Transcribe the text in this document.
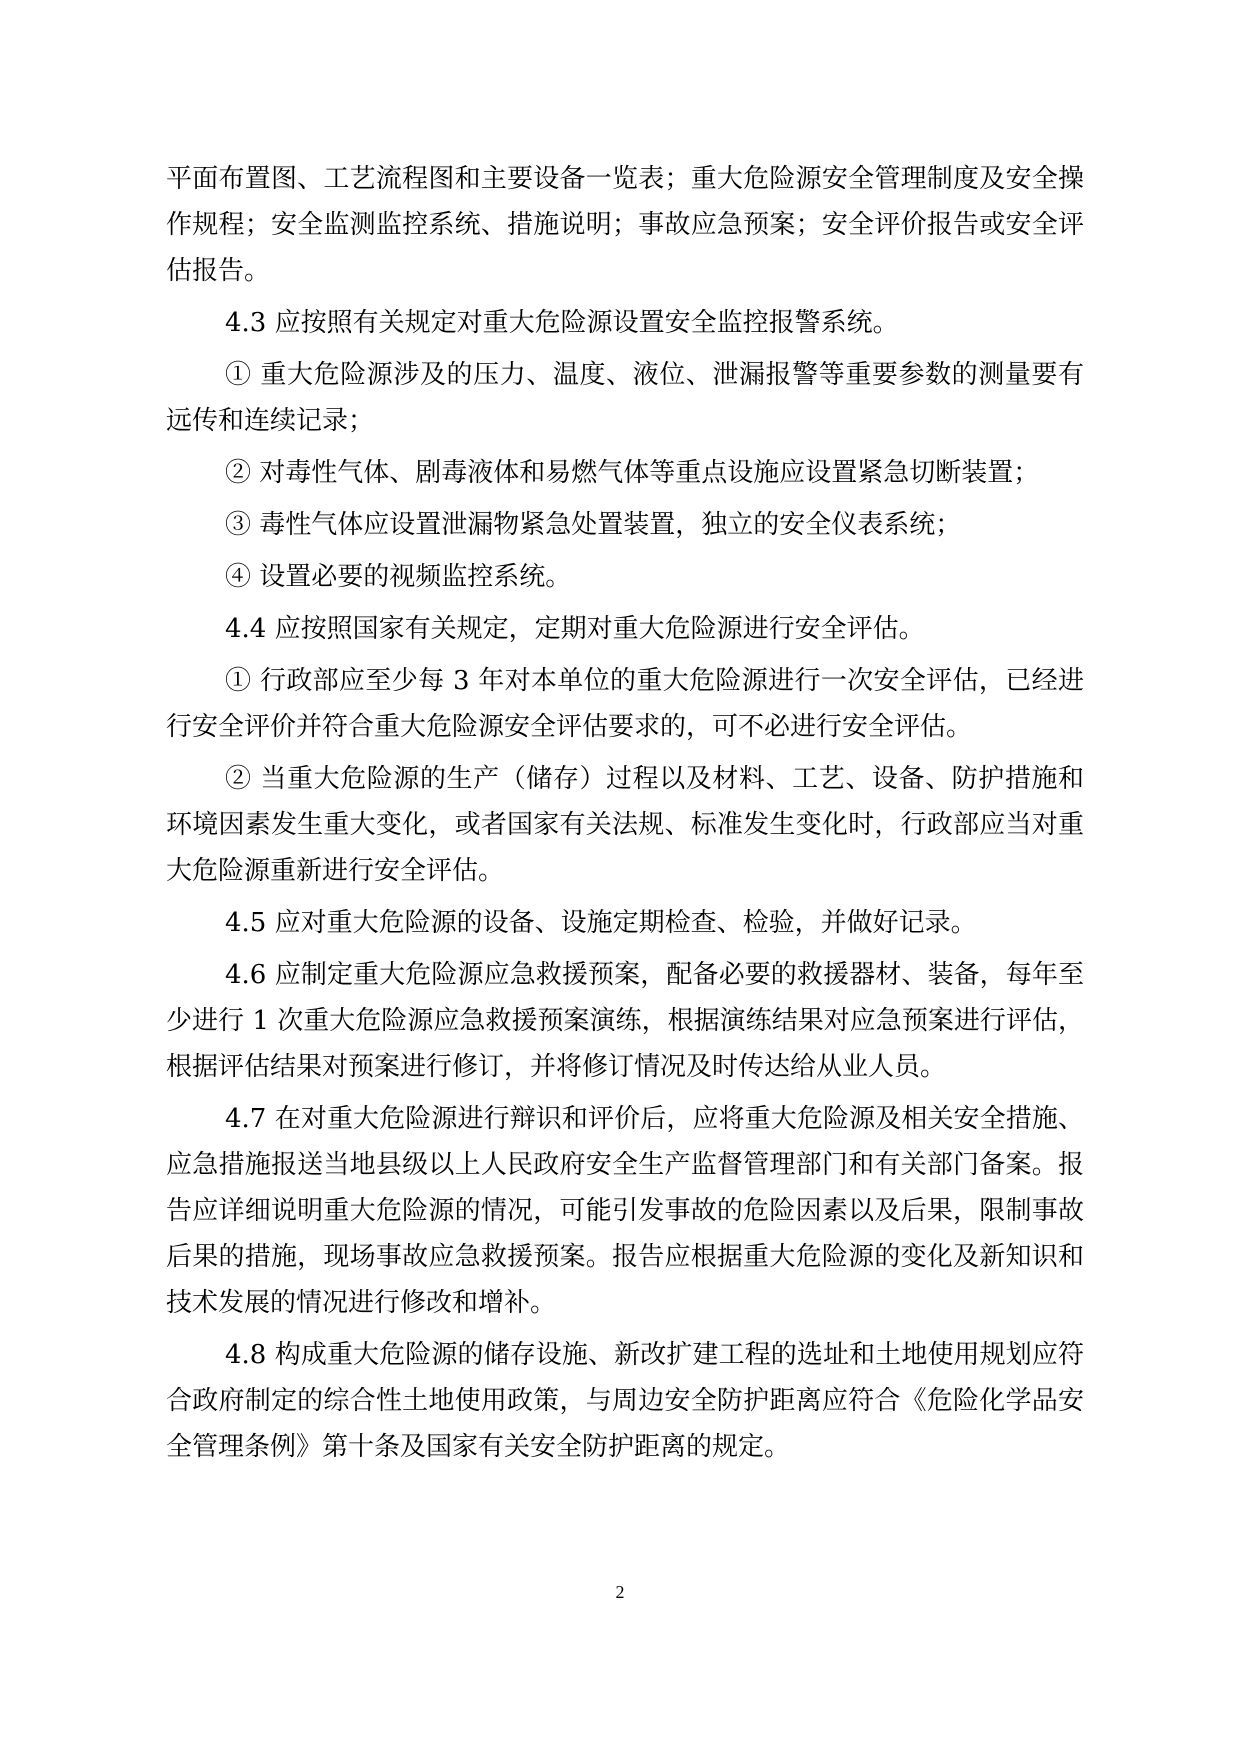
平面布置图、工艺流程图和主要设备一览表；重大危险源安全管理制度及安全操作规程；安全监测监控系统、措施说明；事故应急预案；安全评价报告或安全评估报告。

4.3 应按照有关规定对重大危险源设置安全监控报警系统。

① 重大危险源涉及的压力、温度、液位、泄漏报警等重要参数的测量要有远传和连续记录；

② 对毒性气体、剧毒液体和易燃气体等重点设施应设置紧急切断装置；

③ 毒性气体应设置泄漏物紧急处置装置，独立的安全仪表系统；

④ 设置必要的视频监控系统。

4.4 应按照国家有关规定，定期对重大危险源进行安全评估。

① 行政部应至少每 3 年对本单位的重大危险源进行一次安全评估，已经进行安全评价并符合重大危险源安全评估要求的，可不必进行安全评估。

② 当重大危险源的生产（储存）过程以及材料、工艺、设备、防护措施和环境因素发生重大变化，或者国家有关法规、标准发生变化时，行政部应当对重大危险源重新进行安全评估。

4.5 应对重大危险源的设备、设施定期检查、检验，并做好记录。

4.6 应制定重大危险源应急救援预案，配备必要的救援器材、装备，每年至少进行 1 次重大危险源应急救援预案演练，根据演练结果对应急预案进行评估，根据评估结果对预案进行修订，并将修订情况及时传达给从业人员。

4.7 在对重大危险源进行辩识和评价后，应将重大危险源及相关安全措施、应急措施报送当地县级以上人民政府安全生产监督管理部门和有关部门备案。报告应详细说明重大危险源的情况，可能引发事故的危险因素以及后果，限制事故后果的措施，现场事故应急救援预案。报告应根据重大危险源的变化及新知识和技术发展的情况进行修改和增补。

4.8 构成重大危险源的储存设施、新改扩建工程的选址和土地使用规划应符合政府制定的综合性土地使用政策，与周边安全防护距离应符合《危险化学品安全管理条例》第十条及国家有关安全防护距离的规定。

2
